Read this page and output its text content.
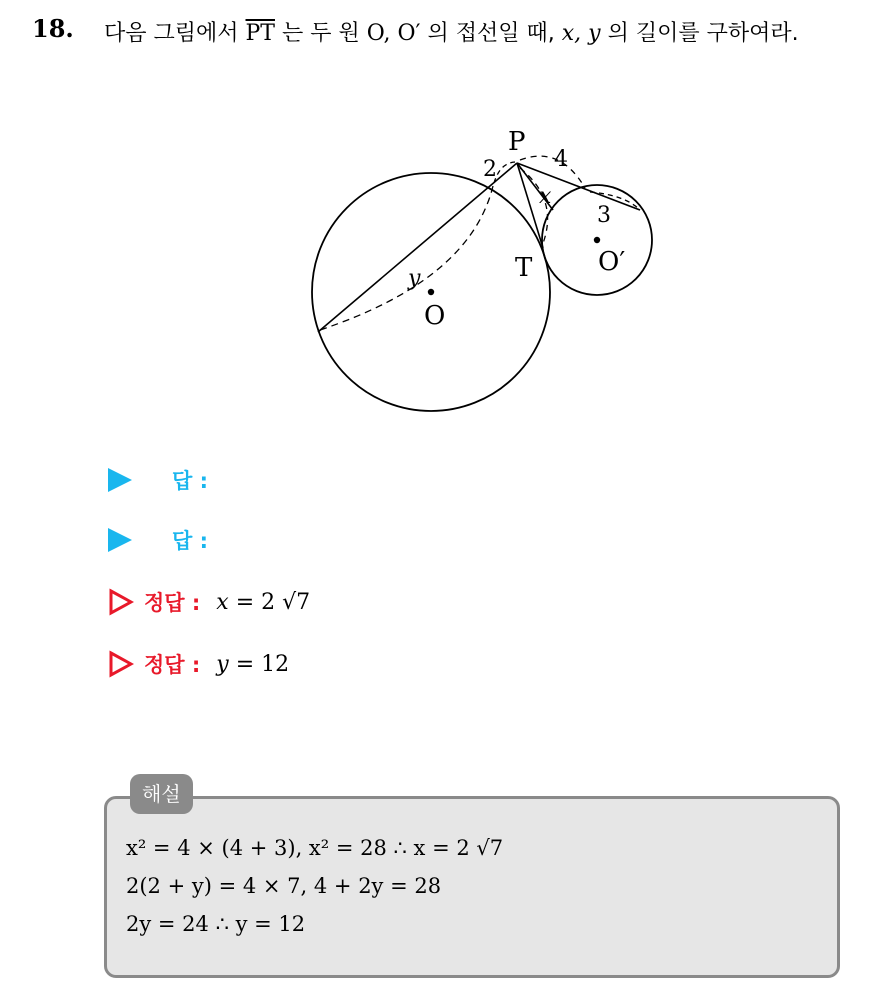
18. 다음 그림에서 $\overline{PT}$ 는 두 원 O, O′ 의 접선일 때, x, y 의 길이를 구하여라.
P
T
O
O′
2	4
3
x
y
답 :
답 :
정답 : x = 2 √7
정답 : y = 12
해설
x² = 4 × (4 + 3), x² = 28 ∴ x = 2 √7
2(2 + y) = 4 × 7, 4 + 2y = 28
2y = 24 ∴ y = 12
